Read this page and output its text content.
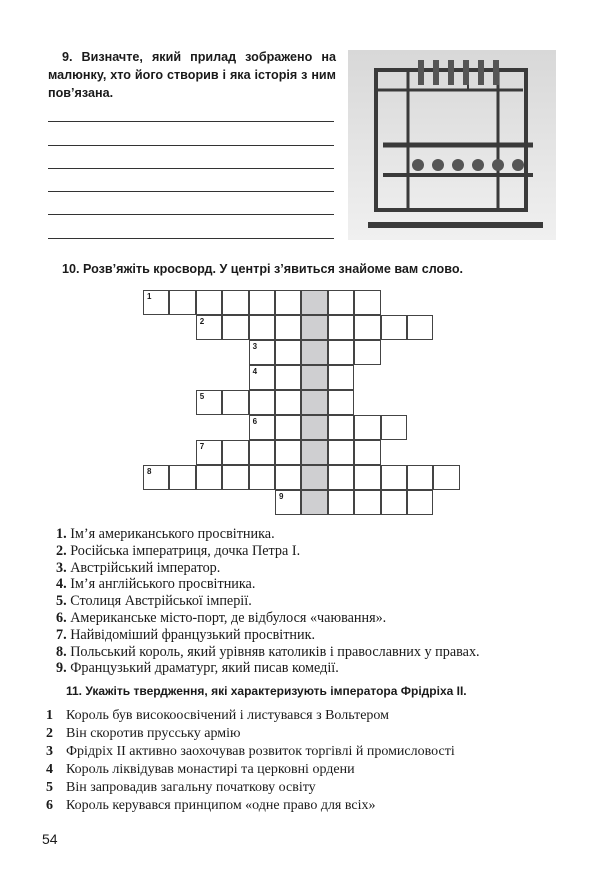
9. Визначте, який прилад зображено на малюнку, хто його створив і яка історія з ним пов’язана.
10. Розв’яжіть кросворд. У центрі з’явиться знайоме вам слово.
1
2
3
4
5
6
7
8
9
1. Ім’я американського просвітника.
2. Російська імператриця, дочка Петра І.
3. Австрійський імператор.
4. Ім’я англійського просвітника.
5. Столиця Австрійської імперії.
6. Американське місто-порт, де відбулося «чаювання».
7. Найвідоміший французький просвітник.
8. Польський король, який урівняв католиків і православних у правах.
9. Французький драматург, який писав комедії.
11. Укажіть твердження, які характеризують імператора Фрідріха ІІ.
1 Король був високоосвічений і листувався з Вольтером
2 Він скоротив прусську армію
3 Фрідріх ІІ активно заохочував розвиток торгівлі й промисловості
4 Король ліквідував монастирі та церковні ордени
5 Він запровадив загальну початкову освіту
6 Король керувався принципом «одне право для всіх»
54
